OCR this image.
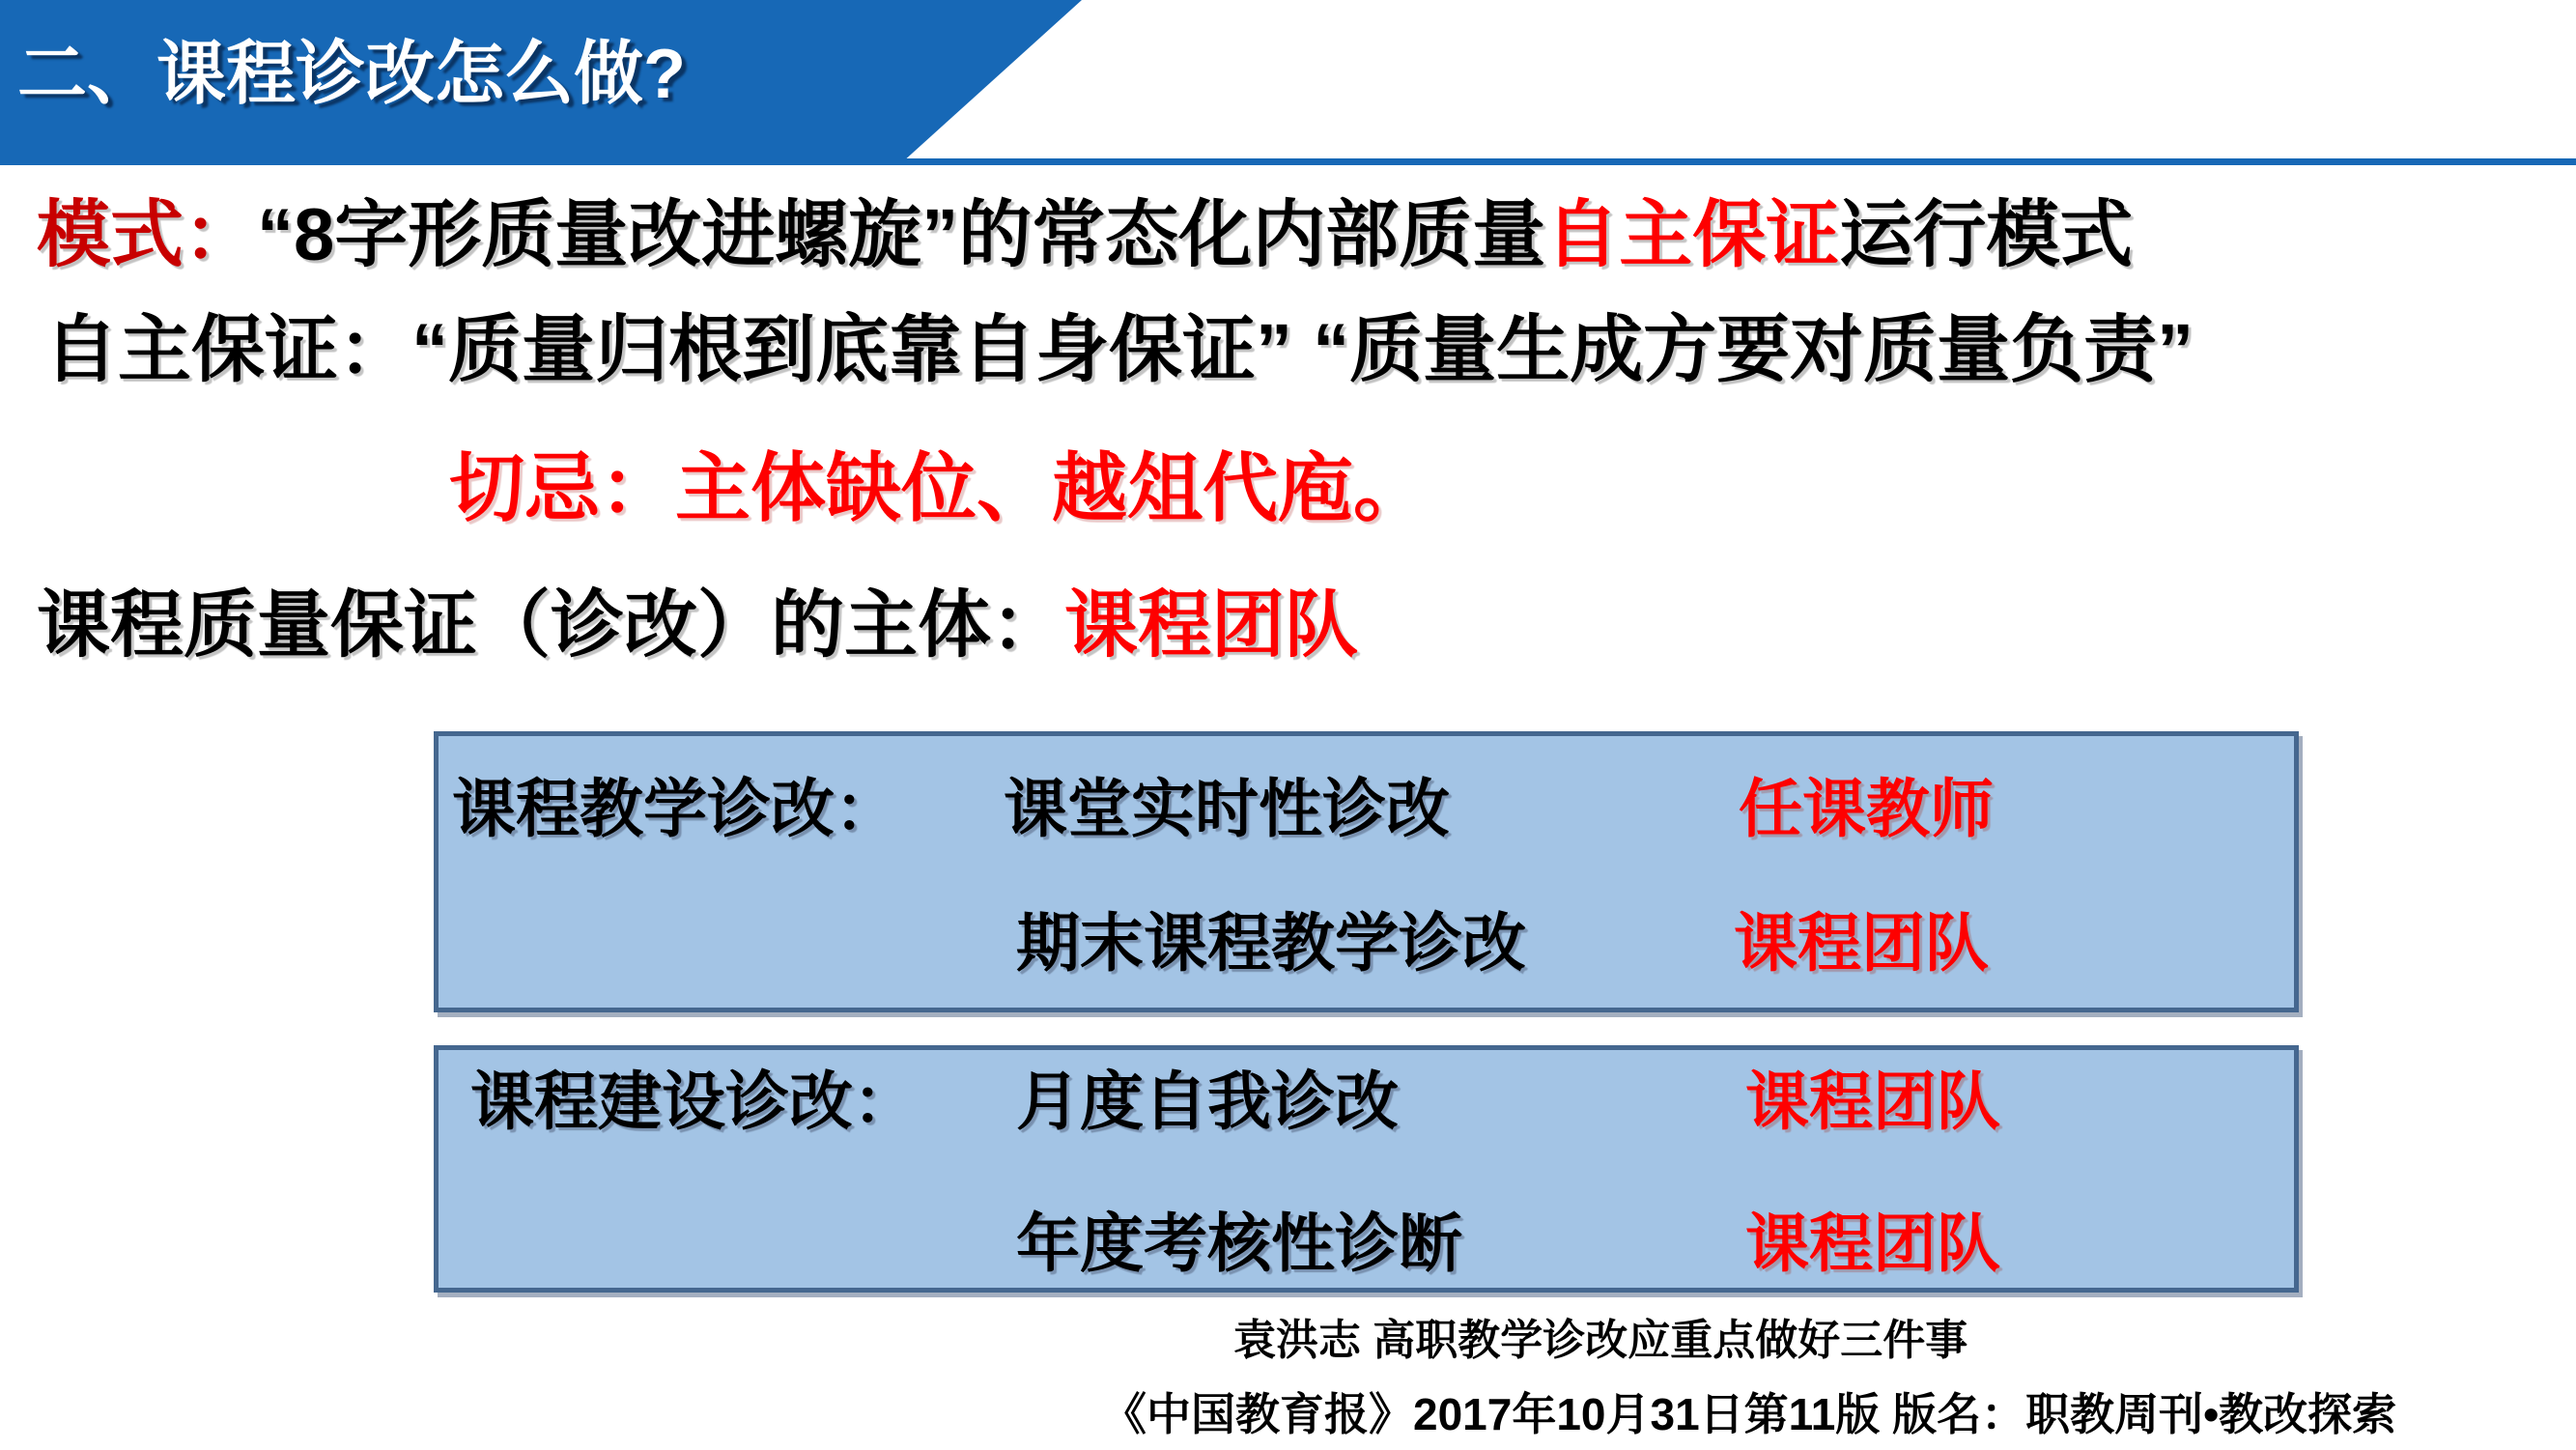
二、课程诊改怎么做?
模式：“8字形质量改进螺旋”的常态化内部质量自主保证运行模式
自主保证：“质量归根到底靠自身保证” “质量生成方要对质量负责”
切忌：主体缺位、越俎代庖。
课程质量保证（诊改）的主体：课程团队
课程教学诊改： 课堂实时性诊改	任课教师
期末课程教学诊改	课程团队
课程建设诊改： 月度自我诊改	课程团队
年度考核性诊断	课程团队
袁洪志 高职教学诊改应重点做好三件事
《中国教育报》2017年10月31日第11版 版名：职教周刊•教改探索
